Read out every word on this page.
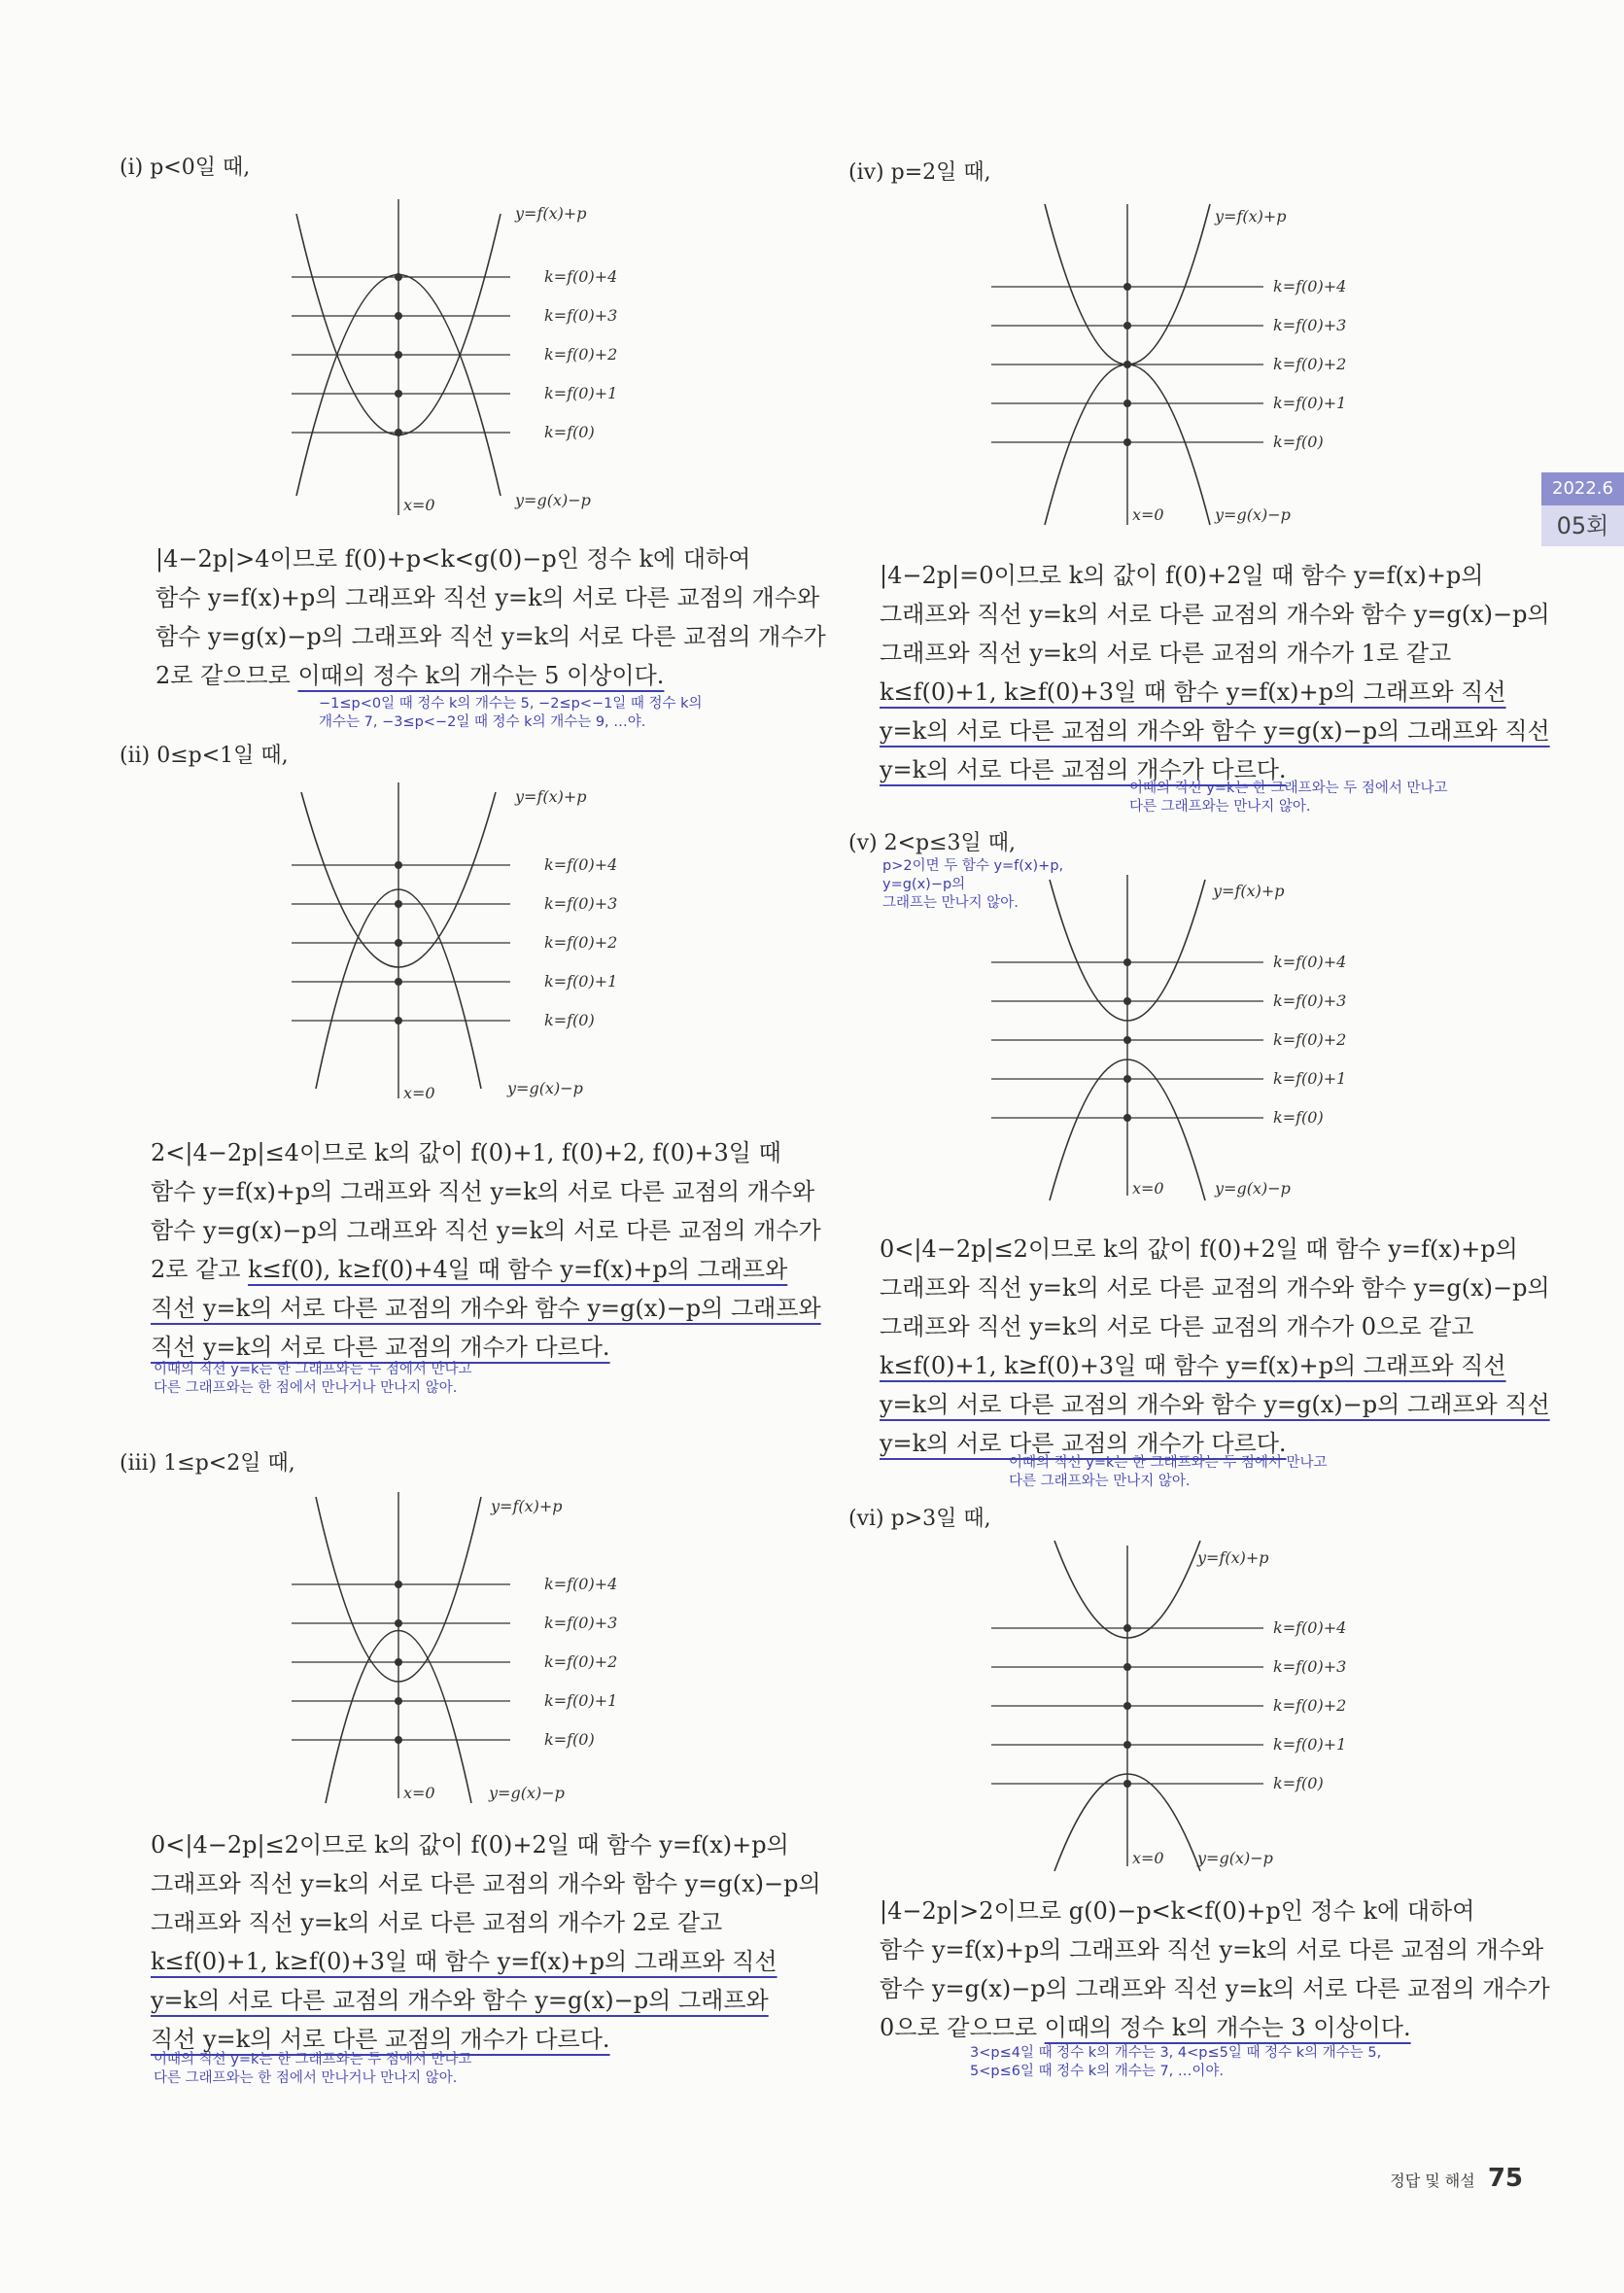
(i) p<0일 때,
y=f(x)+p
k=f(0)+4
k=f(0)+3
k=f(0)+2
k=f(0)+1
k=f(0)
x=0	y=g(x)−p

|4−2p|>4이므로 f(0)+p<k<g(0)−p인 정수 k에 대하여

함수 y=f(x)+p의 그래프와 직선 y=k의 서로 다른 교점의 개수와

함수 y=g(x)−p의 그래프와 직선 y=k의 서로 다른 교점의 개수가

2로 같으므로 이때의 정수 k의 개수는 5 이상이다.

−1≤p<0일 때 정수 k의 개수는 5, −2≤p<−1일 때 정수 k의
개수는 7, −3≤p<−2일 때 정수 k의 개수는 9, …야.
(ii) 0≤p<1일 때,
y=f(x)+p
k=f(0)+4
k=f(0)+3
k=f(0)+2
k=f(0)+1
k=f(0)
x=0	y=g(x)−p

2<|4−2p|≤4이므로 k의 값이 f(0)+1, f(0)+2, f(0)+3일 때

함수 y=f(x)+p의 그래프와 직선 y=k의 서로 다른 교점의 개수와

함수 y=g(x)−p의 그래프와 직선 y=k의 서로 다른 교점의 개수가

2로 같고 k≤f(0), k≥f(0)+4일 때 함수 y=f(x)+p의 그래프와

직선 y=k의 서로 다른 교점의 개수와 함수 y=g(x)−p의 그래프와

직선 y=k의 서로 다른 교점의 개수가 다르다.

이때의 직선 y=k는 한 그래프와는 두 점에서 만나고
다른 그래프와는 한 점에서 만나거나 만나지 않아.
(iii) 1≤p<2일 때,
y=f(x)+p
k=f(0)+4
k=f(0)+3
k=f(0)+2
k=f(0)+1
k=f(0)
x=0	y=g(x)−p

0<|4−2p|≤2이므로 k의 값이 f(0)+2일 때 함수 y=f(x)+p의

그래프와 직선 y=k의 서로 다른 교점의 개수와 함수 y=g(x)−p의

그래프와 직선 y=k의 서로 다른 교점의 개수가 2로 같고

k≤f(0)+1, k≥f(0)+3일 때 함수 y=f(x)+p의 그래프와 직선

y=k의 서로 다른 교점의 개수와 함수 y=g(x)−p의 그래프와

직선 y=k의 서로 다른 교점의 개수가 다르다.

이때의 직선 y=k는 한 그래프와는 두 점에서 만나고
다른 그래프와는 한 점에서 만나거나 만나지 않아.
(iv) p=2일 때,
y=f(x)+p
k=f(0)+4
k=f(0)+3
k=f(0)+2
k=f(0)+1
k=f(0)
x=0	y=g(x)−p

|4−2p|=0이므로 k의 값이 f(0)+2일 때 함수 y=f(x)+p의

그래프와 직선 y=k의 서로 다른 교점의 개수와 함수 y=g(x)−p의

그래프와 직선 y=k의 서로 다른 교점의 개수가 1로 같고

k≤f(0)+1, k≥f(0)+3일 때 함수 y=f(x)+p의 그래프와 직선

y=k의 서로 다른 교점의 개수와 함수 y=g(x)−p의 그래프와 직선

y=k의 서로 다른 교점의 개수가 다르다.

이때의 직선 y=k는 한 그래프와는 두 점에서 만나고
다른 그래프와는 만나지 않아.
(v) 2<p≤3일 때,
p>2이면 두 함수 y=f(x)+p,
y=g(x)−p의
그래프는 만나지 않아.
y=f(x)+p
k=f(0)+4
k=f(0)+3
k=f(0)+2
k=f(0)+1
k=f(0)
x=0	y=g(x)−p

0<|4−2p|≤2이므로 k의 값이 f(0)+2일 때 함수 y=f(x)+p의

그래프와 직선 y=k의 서로 다른 교점의 개수와 함수 y=g(x)−p의

그래프와 직선 y=k의 서로 다른 교점의 개수가 0으로 같고

k≤f(0)+1, k≥f(0)+3일 때 함수 y=f(x)+p의 그래프와 직선

y=k의 서로 다른 교점의 개수와 함수 y=g(x)−p의 그래프와 직선

y=k의 서로 다른 교점의 개수가 다르다.

이때의 직선 y=k는 한 그래프와는 두 점에서 만나고
다른 그래프와는 만나지 않아.
(vi) p>3일 때,
y=f(x)+p
k=f(0)+4
k=f(0)+3
k=f(0)+2
k=f(0)+1
k=f(0)
x=0 y=g(x)−p

|4−2p|>2이므로 g(0)−p<k<f(0)+p인 정수 k에 대하여

함수 y=f(x)+p의 그래프와 직선 y=k의 서로 다른 교점의 개수와

함수 y=g(x)−p의 그래프와 직선 y=k의 서로 다른 교점의 개수가

0으로 같으므로 이때의 정수 k의 개수는 3 이상이다.

3<p≤4일 때 정수 k의 개수는 3, 4<p≤5일 때 정수 k의 개수는 5,
5<p≤6일 때 정수 k의 개수는 7, …이야.
2022.6
05회
정답 및 해설 75
